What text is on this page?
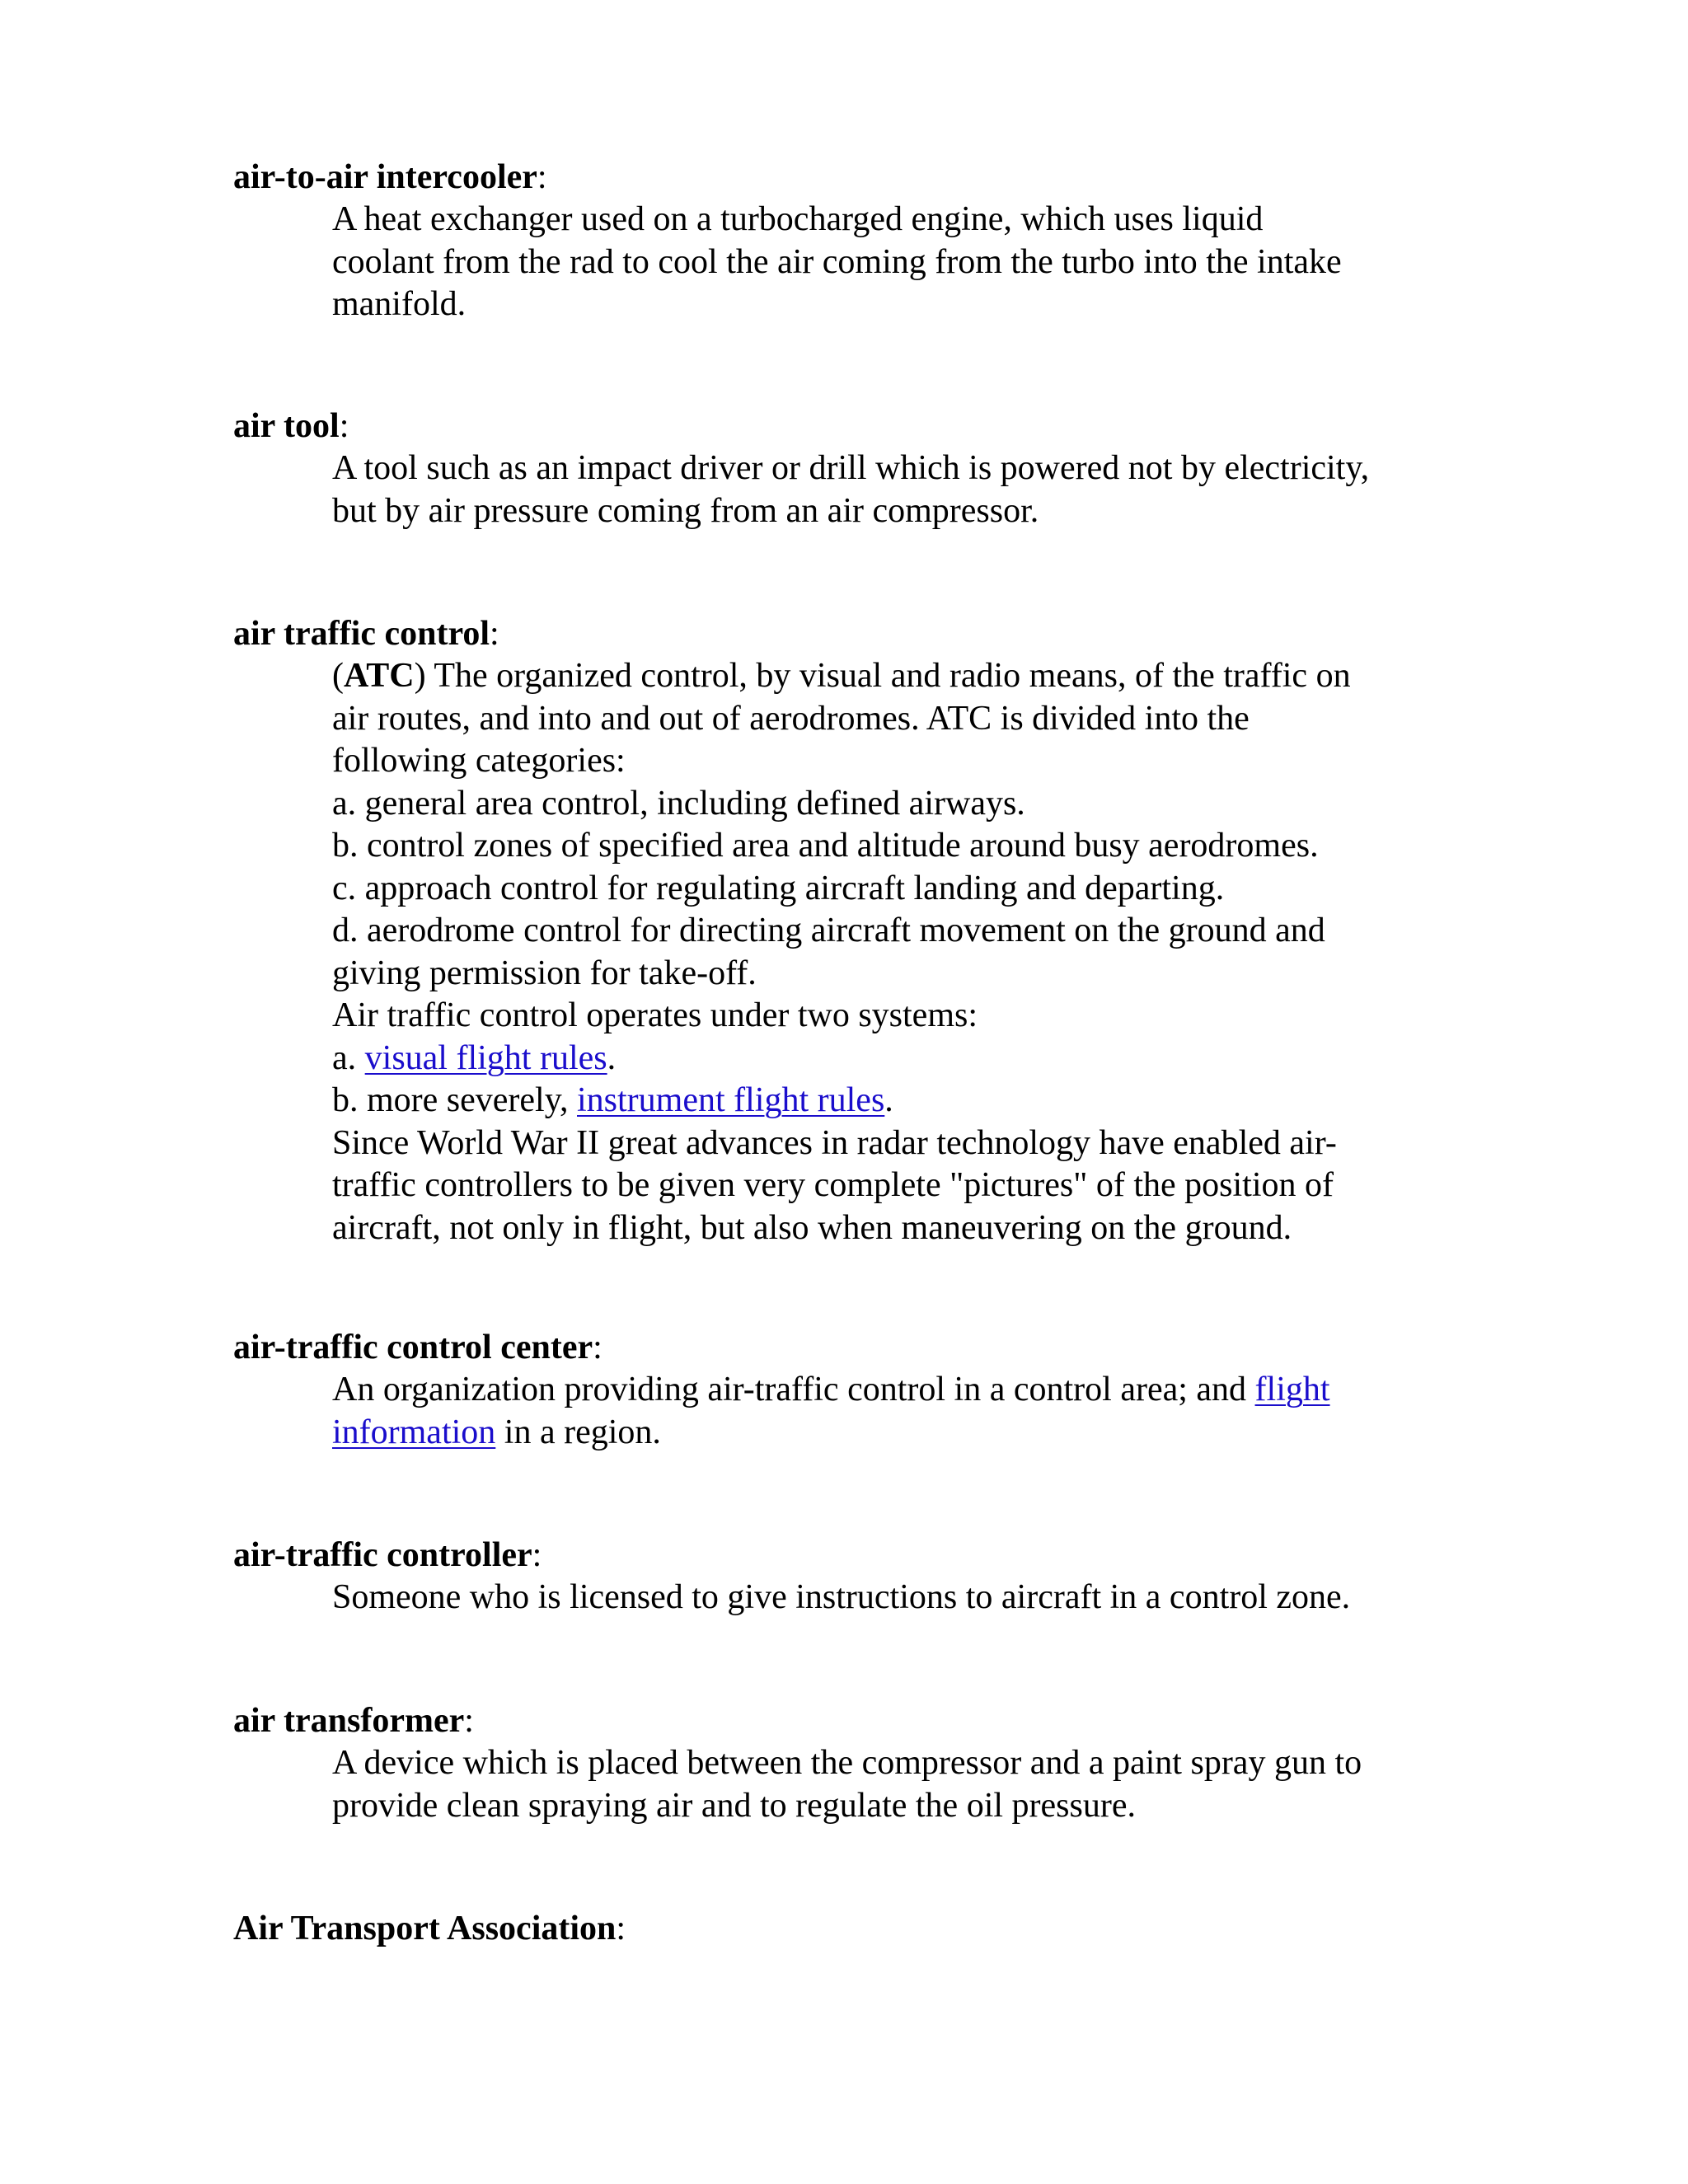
air-to-air intercooler:
A heat exchanger used on a turbocharged engine, which uses liquid
coolant from the rad to cool the air coming from the turbo into the intake
manifold.
air tool:
A tool such as an impact driver or drill which is powered not by electricity,
but by air pressure coming from an air compressor.
air traffic control:
(ATC) The organized control, by visual and radio means, of the traffic on
air routes, and into and out of aerodromes. ATC is divided into the
following categories:
a. general area control, including defined airways.
b. control zones of specified area and altitude around busy aerodromes.
c. approach control for regulating aircraft landing and departing.
d. aerodrome control for directing aircraft movement on the ground and
giving permission for take-off.
Air traffic control operates under two systems:
a. visual flight rules.
b. more severely, instrument flight rules.
Since World War II great advances in radar technology have enabled air-
traffic controllers to be given very complete "pictures" of the position of
aircraft, not only in flight, but also when maneuvering on the ground.
air-traffic control center:
An organization providing air-traffic control in a control area; and flight
information in a region.
air-traffic controller:
Someone who is licensed to give instructions to aircraft in a control zone.
air transformer:
A device which is placed between the compressor and a paint spray gun to
provide clean spraying air and to regulate the oil pressure.
Air Transport Association:
